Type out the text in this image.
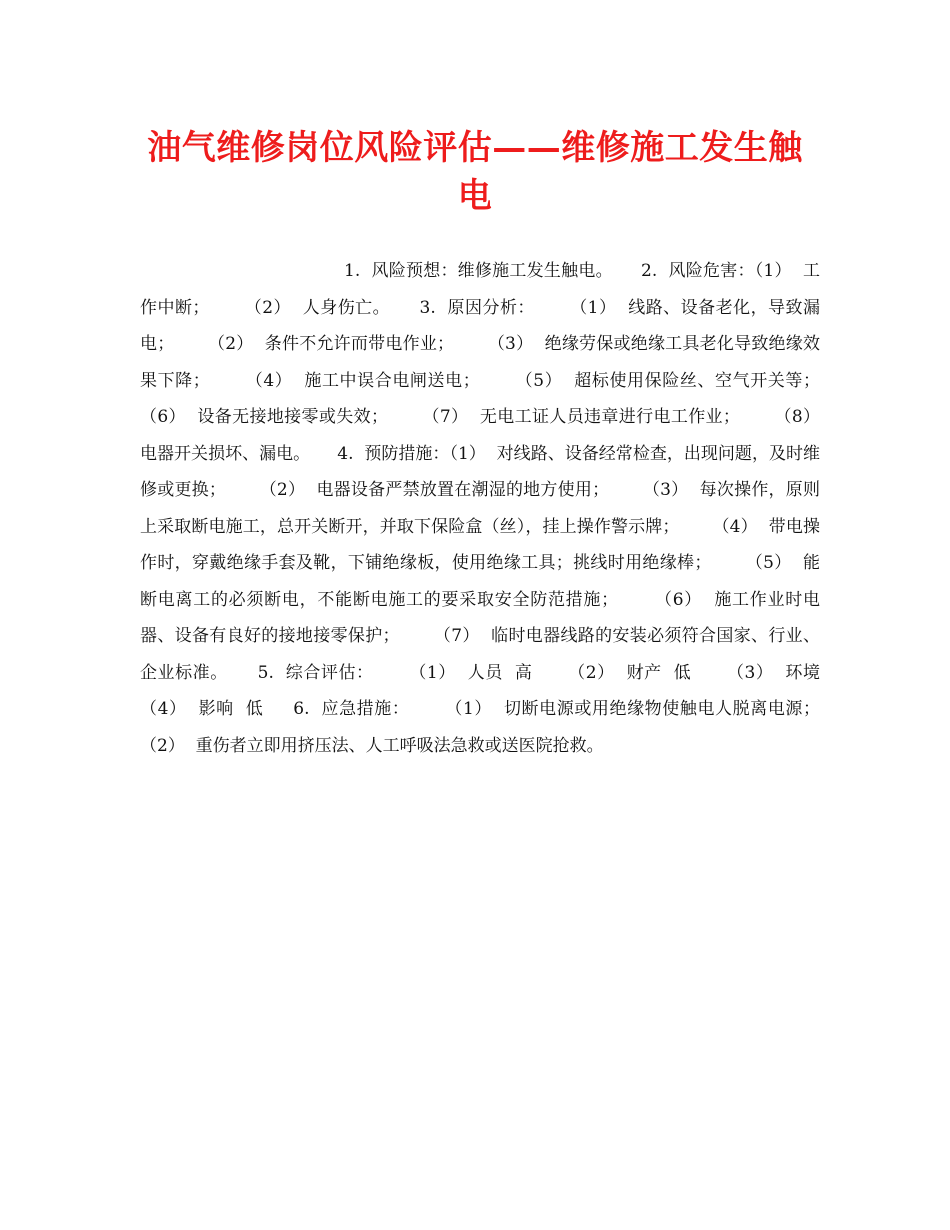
油气维修岗位风险评估——维修施工发生触电

1.  风险预想：维修施工发生触电。     2.  风险危害：（1）  工作中断；      （2）  人身伤亡。     3.  原因分析：      （1）  线路、设备老化，导致漏电；      （2）  条件不允许而带电作业；      （3）  绝缘劳保或绝缘工具老化导致绝缘效果下降；      （4）  施工中误合电闸送电；      （5）  超标使用保险丝、空气开关等；      （6）  设备无接地接零或失效；      （7）  无电工证人员违章进行电工作业；      （8）  电器开关损坏、漏电。     4.  预防措施：（1）  对线路、设备经常检查，出现问题，及时维修或更换；      （2）  电器设备严禁放置在潮湿的地方使用；      （3）  每次操作，原则上采取断电施工，总开关断开，并取下保险盒（丝），挂上操作警示牌；      （4）  带电操作时，穿戴绝缘手套及靴，下铺绝缘板，使用绝缘工具；挑线时用绝缘棒；      （5）  能断电离工的必须断电，不能断电施工的要采取安全防范措施；      （6）  施工作业时电器、设备有良好的接地接零保护；      （7）  临时电器线路的安装必须符合国家、行业、企业标准。     5.  综合评估：      （1）  人员  高      （2）  财产  低      （3）  环境      （4）  影响  低     6.  应急措施：      （1）  切断电源或用绝缘物使触电人脱离电源；      （2）  重伤者立即用挤压法、人工呼吸法急救或送医院抢救。
